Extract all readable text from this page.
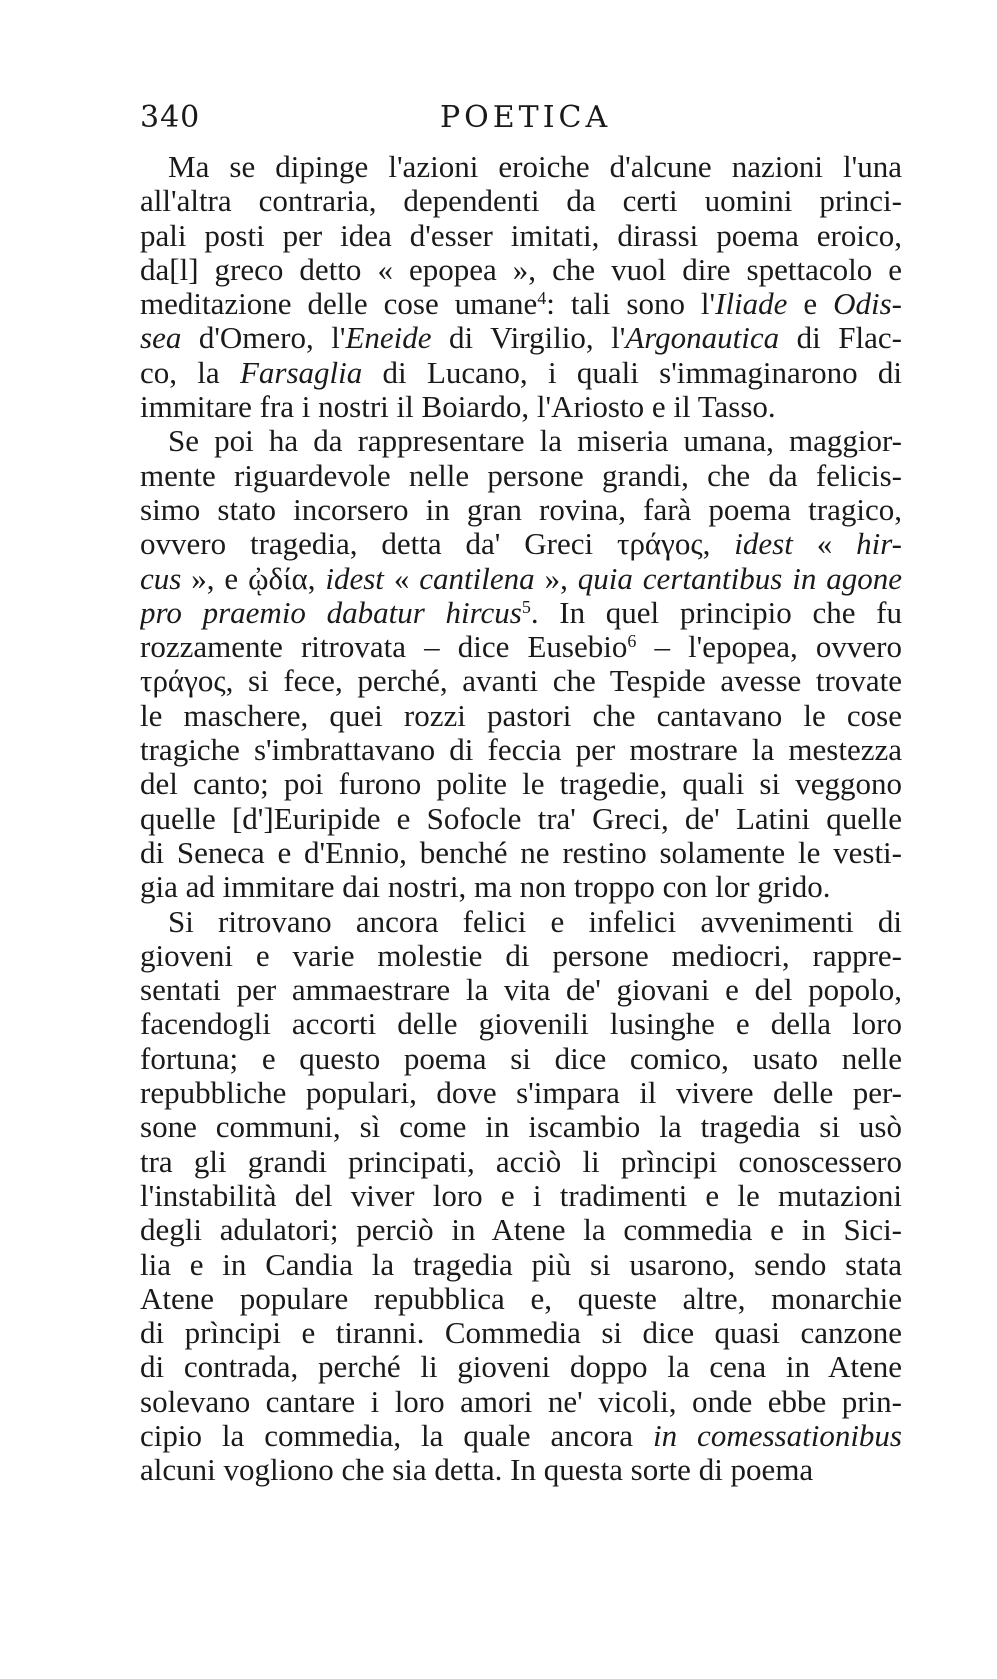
340	POETICA
Ma se dipinge l'azioni eroiche d'alcune nazioni l'una
all'altra contraria, dependenti da certi uomini princi-
pali posti per idea d'esser imitati, dirassi poema eroico,
da[l] greco detto « epopea », che vuol dire spettacolo e
meditazione delle cose umane$^4$: tali sono l'Iliade e Odis-
sea d'Omero, l'Eneide di Virgilio, l'Argonautica di Flac-
co, la Farsaglia di Lucano, i quali s'immaginarono di
immitare fra i nostri il Boiardo, l'Ariosto e il Tasso.
Se poi ha da rappresentare la miseria umana, maggior-
mente riguardevole nelle persone grandi, che da felicis-
simo stato incorsero in gran rovina, farà poema tragico,
ovvero tragedia, detta da' Greci τράγος, idest « hir-
cus », e ᾠδία, idest « cantilena », quia certantibus in agone
pro praemio dabatur hircus$^5$. In quel principio che fu
rozzamente ritrovata – dice Eusebio$^6$ – l'epopea, ovvero
τράγος, si fece, perché, avanti che Tespide avesse trovate
le maschere, quei rozzi pastori che cantavano le cose
tragiche s'imbrattavano di feccia per mostrare la mestezza
del canto; poi furono polite le tragedie, quali si veggono
quelle [d']Euripide e Sofocle tra' Greci, de' Latini quelle
di Seneca e d'Ennio, benché ne restino solamente le vesti-
gia ad immitare dai nostri, ma non troppo con lor grido.
Si ritrovano ancora felici e infelici avvenimenti di
gioveni e varie molestie di persone mediocri, rappre-
sentati per ammaestrare la vita de' giovani e del popolo,
facendogli accorti delle giovenili lusinghe e della loro
fortuna; e questo poema si dice comico, usato nelle
repubbliche populari, dove s'impara il vivere delle per-
sone communi, sì come in iscambio la tragedia si usò
tra gli grandi principati, acciò li prìncipi conoscessero
l'instabilità del viver loro e i tradimenti e le mutazioni
degli adulatori; perciò in Atene la commedia e in Sici-
lia e in Candia la tragedia più si usarono, sendo stata
Atene populare repubblica e, queste altre, monarchie
di prìncipi e tiranni. Commedia si dice quasi canzone
di contrada, perché li gioveni doppo la cena in Atene
solevano cantare i loro amori ne' vicoli, onde ebbe prin-
cipio la commedia, la quale ancora in comessationibus
alcuni vogliono che sia detta. In questa sorte di poema
